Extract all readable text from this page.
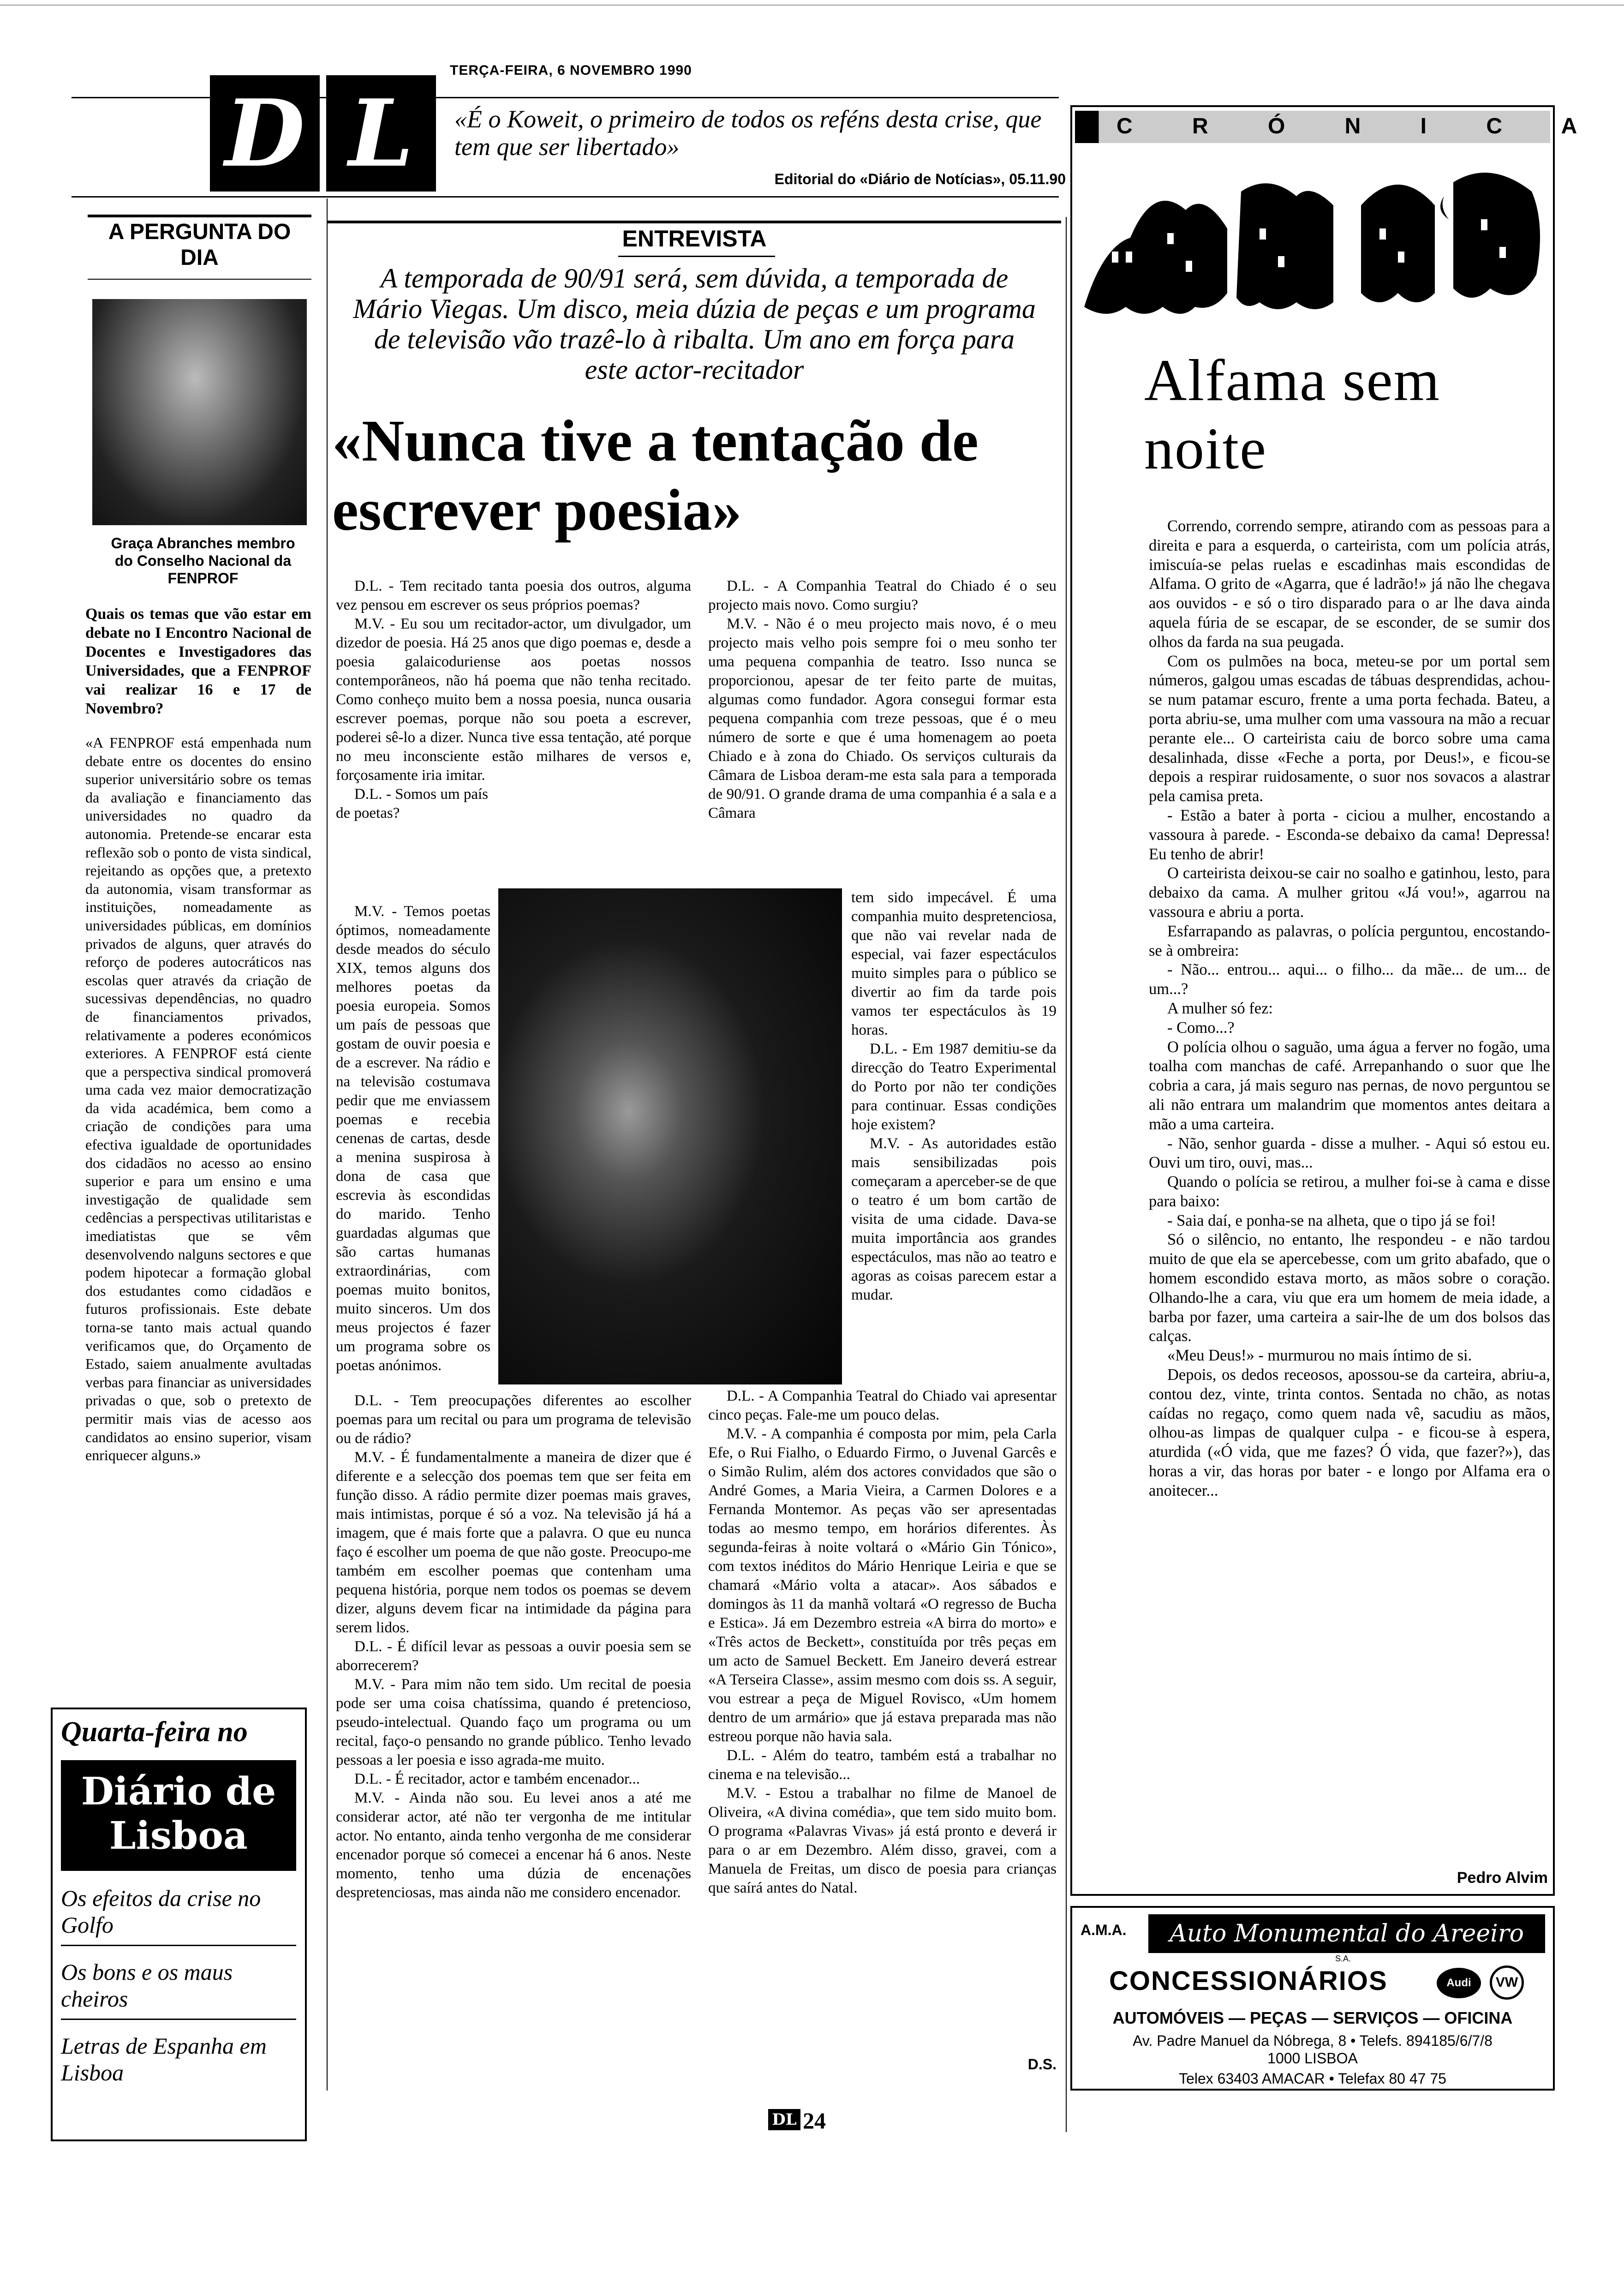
TERÇA-FEIRA, 6 NOVEMBRO 1990
D L	«É o Koweit, o primeiro de todos os reféns desta crise, que tem que ser libertado»
Editorial do «Diário de Notícias», 05.11.90
A PERGUNTA DO DIA
Graça Abranches membro do Conselho Nacional da FENPROF
Quais os temas que vão estar em debate no I Encontro Nacional de Docentes e Investigadores das Universidades, que a FENPROF vai realizar 16 e 17 de Novembro?
«A FENPROF está empenhada num debate entre os docentes do ensino superior universitário sobre os temas da avaliação e financiamento das universidades no quadro da autonomia. Pretende-se encarar esta reflexão sob o ponto de vista sindical, rejeitando as opções que, a pretexto da autonomia, visam transformar as instituições, nomeadamente as universidades públicas, em domínios privados de alguns, quer através do reforço de poderes autocráticos nas escolas quer através da criação de sucessivas dependências, no quadro de financiamentos privados, relativamente a poderes económicos exteriores. A FENPROF está ciente que a perspectiva sindical promoverá uma cada vez maior democratização da vida académica, bem como a criação de condições para uma efectiva igualdade de oportunidades dos cidadãos no acesso ao ensino superior e para um ensino e uma investigação de qualidade sem cedências a perspectivas utilitaristas e imediatistas que se vêm desenvolvendo nalguns sectores e que podem hipotecar a formação global dos estudantes como cidadãos e futuros profissionais. Este debate torna-se tanto mais actual quando verificamos que, do Orçamento de Estado, saiem anualmente avultadas verbas para financiar as universidades privadas o que, sob o pretexto de permitir mais vias de acesso aos candidatos ao ensino superior, visam enriquecer alguns.»
Quarta-feira no
Diário de Lisboa
Os efeitos da crise no Golfo
Os bons e os maus cheiros
Letras de Espanha em Lisboa
ENTREVISTA
A temporada de 90/91 será, sem dúvida, a temporada de Mário Viegas. Um disco, meia dúzia de peças e um programa de televisão vão trazê-lo à ribalta. Um ano em força para este actor-recitador
«Nunca tive a tentação de escrever poesia»

D.L. - Tem recitado tanta poesia dos outros, alguma vez pensou em escrever os seus próprios poemas?

M.V. - Eu sou um recitador-actor, um divulgador, um dizedor de poesia. Há 25 anos que digo poemas e, desde a poesia galaicoduriense aos poetas nossos contemporâneos, não há poema que não tenha recitado. Como conheço muito bem a nossa poesia, nunca ousaria escrever poemas, porque não sou poeta a escrever, poderei sê-lo a dizer. Nunca tive essa tentação, até porque no meu inconsciente estão milhares de versos e, forçosamente iria imitar.

D.L. - Somos um país de poetas?

M.V. - Temos poetas óptimos, nomeadamente desde meados do século XIX, temos alguns dos melhores poetas da poesia europeia. Somos um país de pessoas que gostam de ouvir poesia e de a escrever. Na rádio e na televisão costumava pedir que me enviassem poemas e recebia cenenas de cartas, desde a menina suspirosa à dona de casa que escrevia às escondidas do marido. Tenho guardadas algumas que são cartas humanas extraordinárias, com poemas muito bonitos, muito sinceros. Um dos meus projectos é fazer um programa sobre os poetas anónimos.

D.L. - Tem preocupações diferentes ao escolher poemas para um recital ou para um programa de televisão ou de rádio?

M.V. - É fundamentalmente a maneira de dizer que é diferente e a selecção dos poemas tem que ser feita em função disso. A rádio permite dizer poemas mais graves, mais intimistas, porque é só a voz. Na televisão já há a imagem, que é mais forte que a palavra. O que eu nunca faço é escolher um poema de que não goste. Preocupo-me também em escolher poemas que contenham uma pequena história, porque nem todos os poemas se devem dizer, alguns devem ficar na intimidade da página para serem lidos.

D.L. - É difícil levar as pessoas a ouvir poesia sem se aborrecerem?

M.V. - Para mim não tem sido. Um recital de poesia pode ser uma coisa chatíssima, quando é pretencioso, pseudo-intelectual. Quando faço um programa ou um recital, faço-o pensando no grande público. Tenho levado pessoas a ler poesia e isso agrada-me muito.

D.L. - É recitador, actor e também encenador...

M.V. - Ainda não sou. Eu levei anos a até me considerar actor, até não ter vergonha de me intitular actor. No entanto, ainda tenho vergonha de me considerar encenador porque só comecei a encenar há 6 anos. Neste momento, tenho uma dúzia de encenações despretenciosas, mas ainda não me considero encenador.

D.L. - A Companhia Teatral do Chiado é o seu projecto mais novo. Como surgiu?

M.V. - Não é o meu projecto mais novo, é o meu projecto mais velho pois sempre foi o meu sonho ter uma pequena companhia de teatro. Isso nunca se proporcionou, apesar de ter feito parte de muitas, algumas como fundador. Agora consegui formar esta pequena companhia com treze pessoas, que é o meu número de sorte e que é uma homenagem ao poeta Chiado e à zona do Chiado. Os serviços culturais da Câmara de Lisboa deram-me esta sala para a temporada de 90/91. O grande drama de uma companhia é a sala e a Câmara

tem sido impecável. É uma companhia muito despretenciosa, que não vai revelar nada de especial, vai fazer espectáculos muito simples para o público se divertir ao fim da tarde pois vamos ter espectáculos às 19 horas.

D.L. - Em 1987 demitiu-se da direcção do Teatro Experimental do Porto por não ter condições para continuar. Essas condições hoje existem?

M.V. - As autoridades estão mais sensibilizadas pois começaram a aperceber-se de que o teatro é um bom cartão de visita de uma cidade. Dava-se muita importância aos grandes espectáculos, mas não ao teatro e agoras as coisas parecem estar a mudar.

D.L. - A Companhia Teatral do Chiado vai apresentar cinco peças. Fale-me um pouco delas.

M.V. - A companhia é composta por mim, pela Carla Efe, o Rui Fialho, o Eduardo Firmo, o Juvenal Garcês e o Simão Rulim, além dos actores convidados que são o André Gomes, a Maria Vieira, a Carmen Dolores e a Fernanda Montemor. As peças vão ser apresentadas todas ao mesmo tempo, em horários diferentes. Às segunda-feiras à noite voltará o «Mário Gin Tónico», com textos inéditos do Mário Henrique Leiria e que se chamará «Mário volta a atacar». Aos sábados e domingos às 11 da manhã voltará «O regresso de Bucha e Estica». Já em Dezembro estreia «A birra do morto» e «Três actos de Beckett», constituída por três peças em um acto de Samuel Beckett. Em Janeiro deverá estrear «A Terseira Classe», assim mesmo com dois ss. A seguir, vou estrear a peça de Miguel Rovisco, «Um homem dentro de um armário» que já estava preparada mas não estreou porque não havia sala.

D.L. - Além do teatro, também está a trabalhar no cinema e na televisão...

M.V. - Estou a trabalhar no filme de Manoel de Oliveira, «A divina comédia», que tem sido muito bom. O programa «Palavras Vivas» já está pronto e deverá ir para o ar em Dezembro. Além disso, gravei, com a Manuela de Freitas, um disco de poesia para crianças que saírá antes do Natal.

D.S.
C R Ó N I C A
Alfama sem noite

Correndo, correndo sempre, atirando com as pessoas para a direita e para a esquerda, o carteirista, com um polícia atrás, imiscuía-se pelas ruelas e escadinhas mais escondidas de Alfama. O grito de «Agarra, que é ladrão!» já não lhe chegava aos ouvidos - e só o tiro disparado para o ar lhe dava ainda aquela fúria de se escapar, de se esconder, de se sumir dos olhos da farda na sua peugada.

Com os pulmões na boca, meteu-se por um portal sem números, galgou umas escadas de tábuas desprendidas, achou-se num patamar escuro, frente a uma porta fechada. Bateu, a porta abriu-se, uma mulher com uma vassoura na mão a recuar perante ele... O carteirista caiu de borco sobre uma cama desalinhada, disse «Feche a porta, por Deus!», e ficou-se depois a respirar ruidosamente, o suor nos sovacos a alastrar pela camisa preta.

- Estão a bater à porta - ciciou a mulher, encostando a vassoura à parede. - Esconda-se debaixo da cama! Depressa! Eu tenho de abrir!

O carteirista deixou-se cair no soalho e gatinhou, lesto, para debaixo da cama. A mulher gritou «Já vou!», agarrou na vassoura e abriu a porta.

Esfarrapando as palavras, o polícia perguntou, encostando-se à ombreira:

- Não... entrou... aqui... o filho... da mãe... de um... de um...?

A mulher só fez:

- Como...?

O polícia olhou o saguão, uma água a ferver no fogão, uma toalha com manchas de café. Arrepanhando o suor que lhe cobria a cara, já mais seguro nas pernas, de novo perguntou se ali não entrara um malandrim que momentos antes deitara a mão a uma carteira.

- Não, senhor guarda - disse a mulher. - Aqui só estou eu. Ouvi um tiro, ouvi, mas...

Quando o polícia se retirou, a mulher foi-se à cama e disse para baixo:

- Saia daí, e ponha-se na alheta, que o tipo já se foi!

Só o silêncio, no entanto, lhe respondeu - e não tardou muito de que ela se apercebesse, com um grito abafado, que o homem escondido estava morto, as mãos sobre o coração. Olhando-lhe a cara, viu que era um homem de meia idade, a barba por fazer, uma carteira a sair-lhe de um dos bolsos das calças.

«Meu Deus!» - murmurou no mais íntimo de si.

Depois, os dedos receosos, apossou-se da carteira, abriu-a, contou dez, vinte, trinta contos. Sentada no chão, as notas caídas no regaço, como quem nada vê, sacudiu as mãos, olhou-as limpas de qualquer culpa - e ficou-se à espera, aturdida («Ó vida, que me fazes? Ó vida, que fazer?»), das horas a vir, das horas por bater - e longo por Alfama era o anoitecer...

Pedro Alvim
A.M.A.	Auto Monumental do Areeiro
S.A.
CONCESSIONÁRIOS	Audi	VW
AUTOMÓVEIS — PEÇAS — SERVIÇOS — OFICINA
Av. Padre Manuel da Nóbrega, 8 • Telefs. 894185/6/7/8
1000 LISBOA
Telex 63403 AMACAR • Telefax 80 47 75
DL 24
